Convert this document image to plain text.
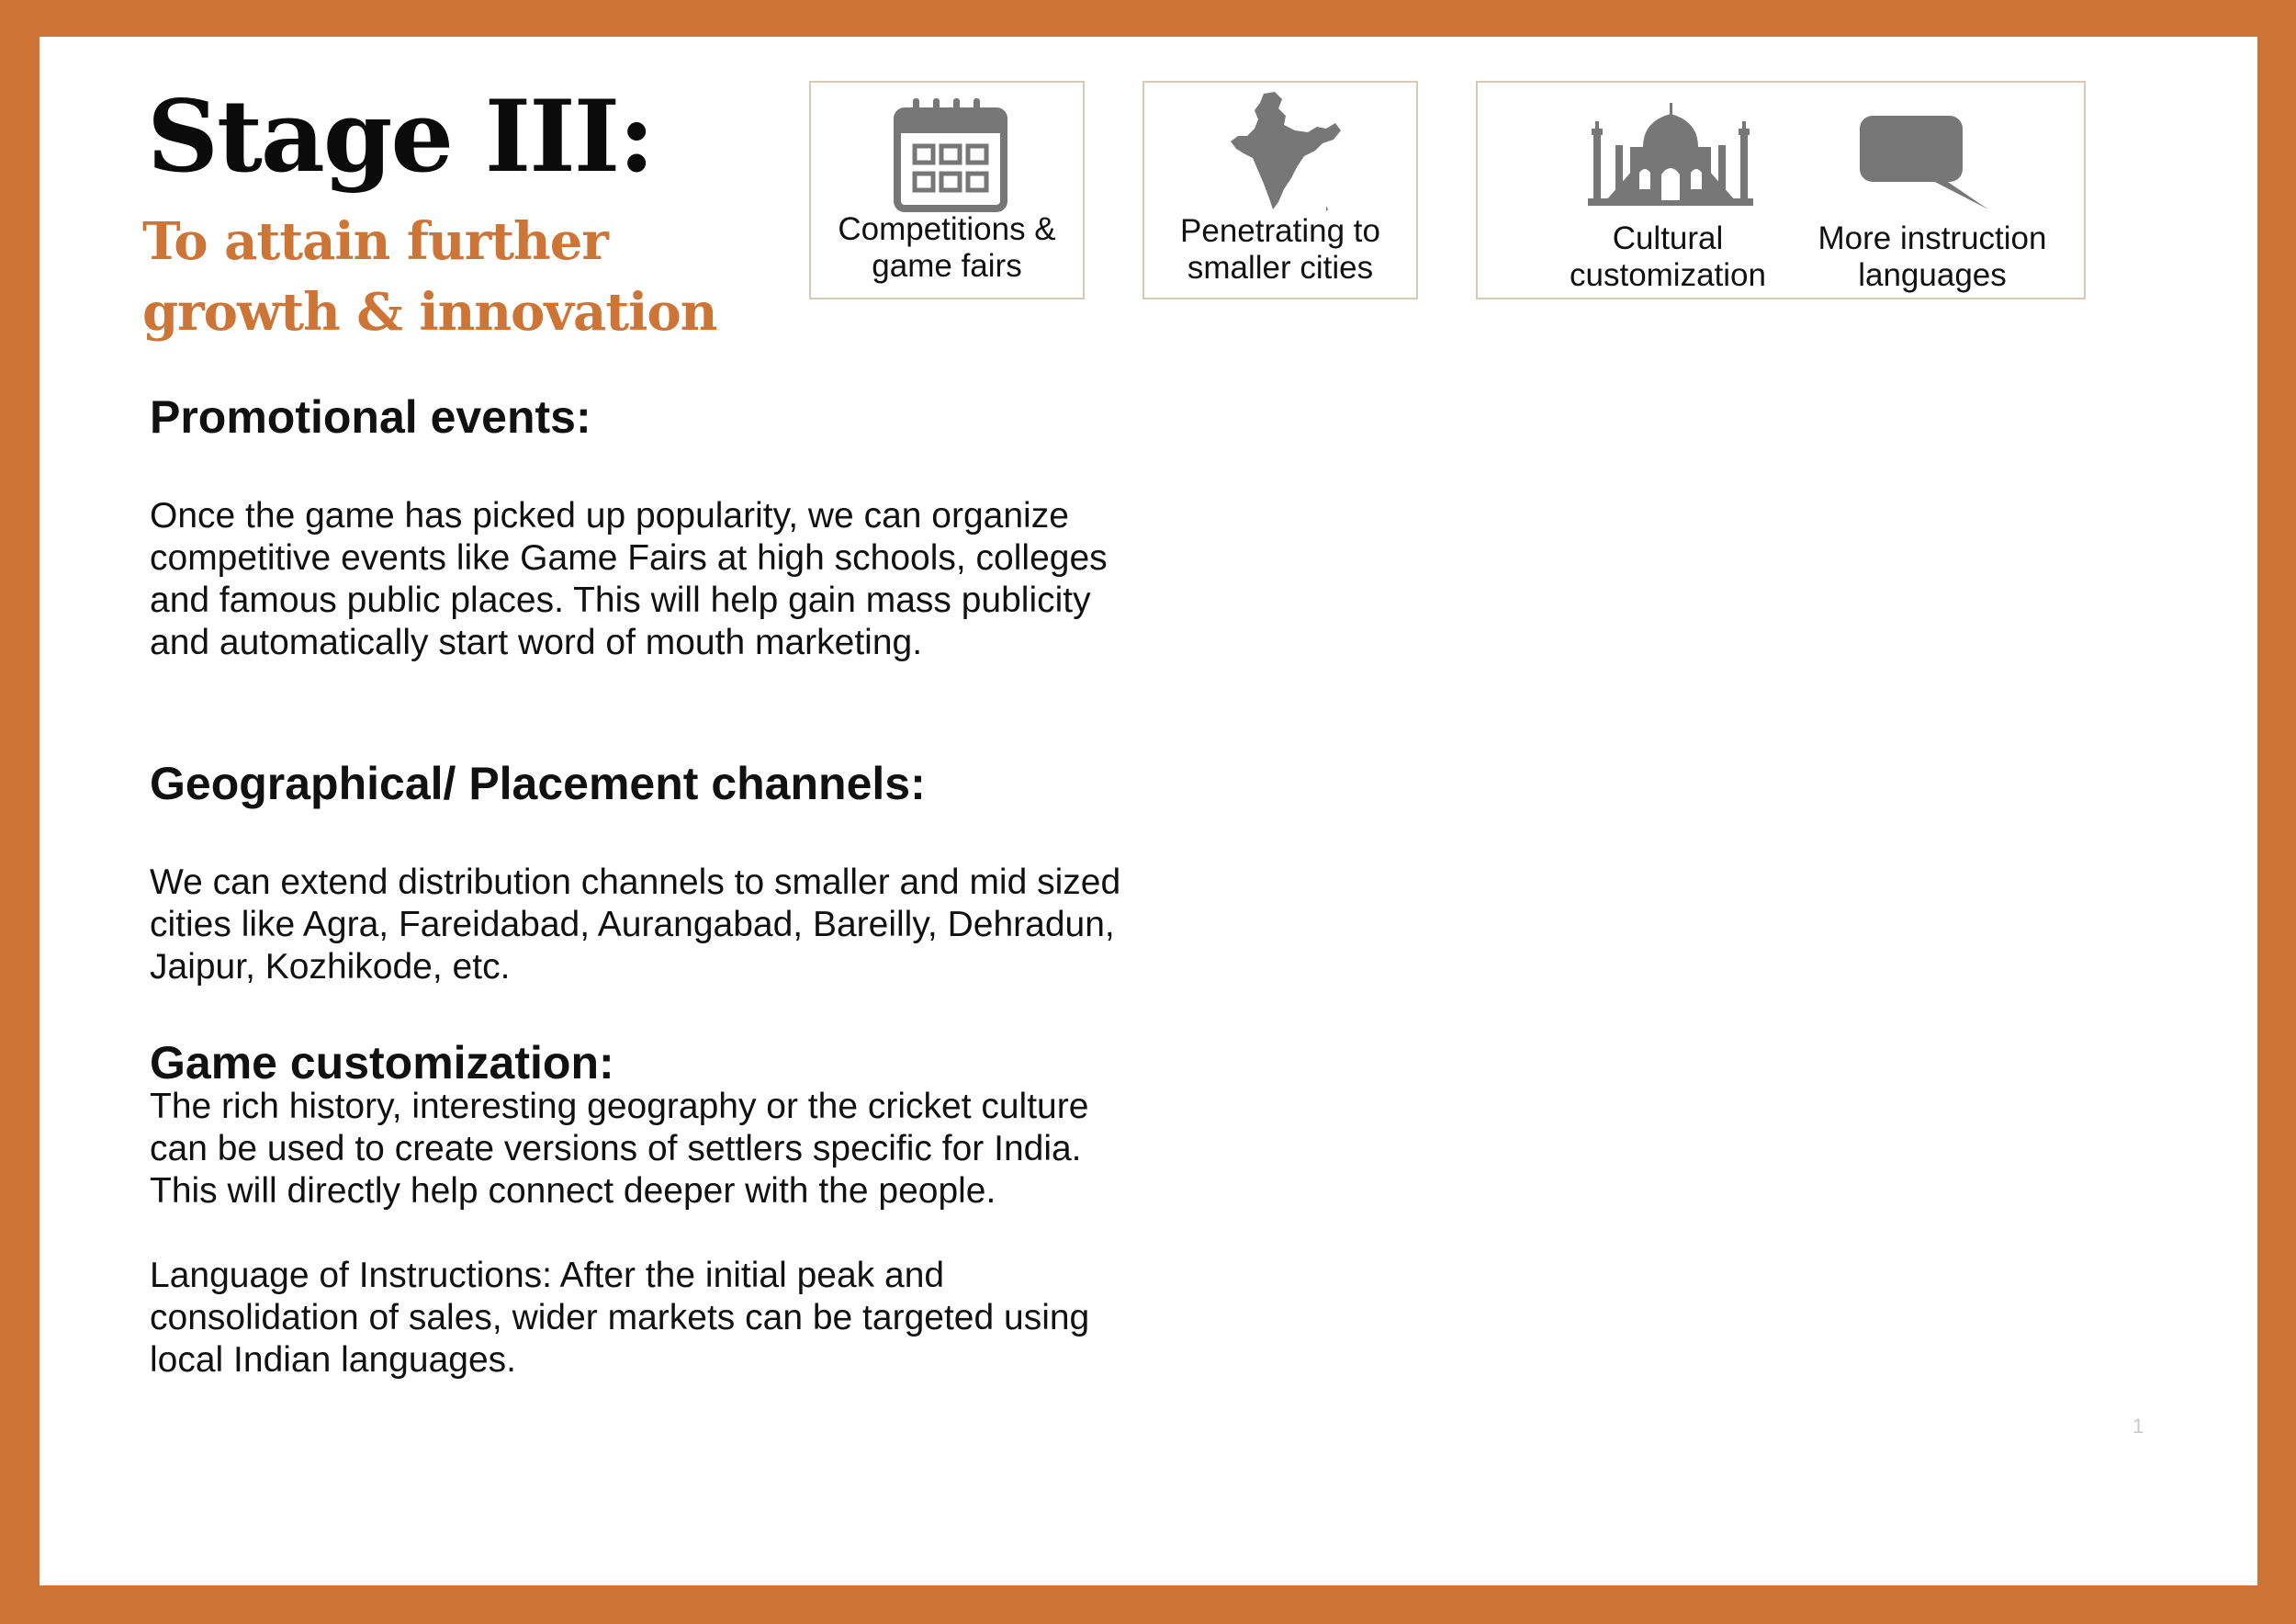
Stage III:
To attain further
growth & innovation
Competitions &
game fairs
Penetrating to
smaller cities
Cultural
customization
More instruction
languages
Promotional events:

Once the game has picked up popularity, we can organize competitive events like Game Fairs at high schools, colleges and famous public places. This will help gain mass publicity and automatically start word of mouth marketing.

Geographical/ Placement channels:

We can extend distribution channels to smaller and mid sized cities like Agra, Fareidabad, Aurangabad, Bareilly, Dehradun, Jaipur, Kozhikode, etc.

Game customization:

The rich history, interesting geography or the cricket culture can be used to create versions of settlers specific for India. This will directly help connect deeper with the people.

Language of Instructions: After the initial peak and consolidation of sales, wider markets can be targeted using local Indian languages.

1
